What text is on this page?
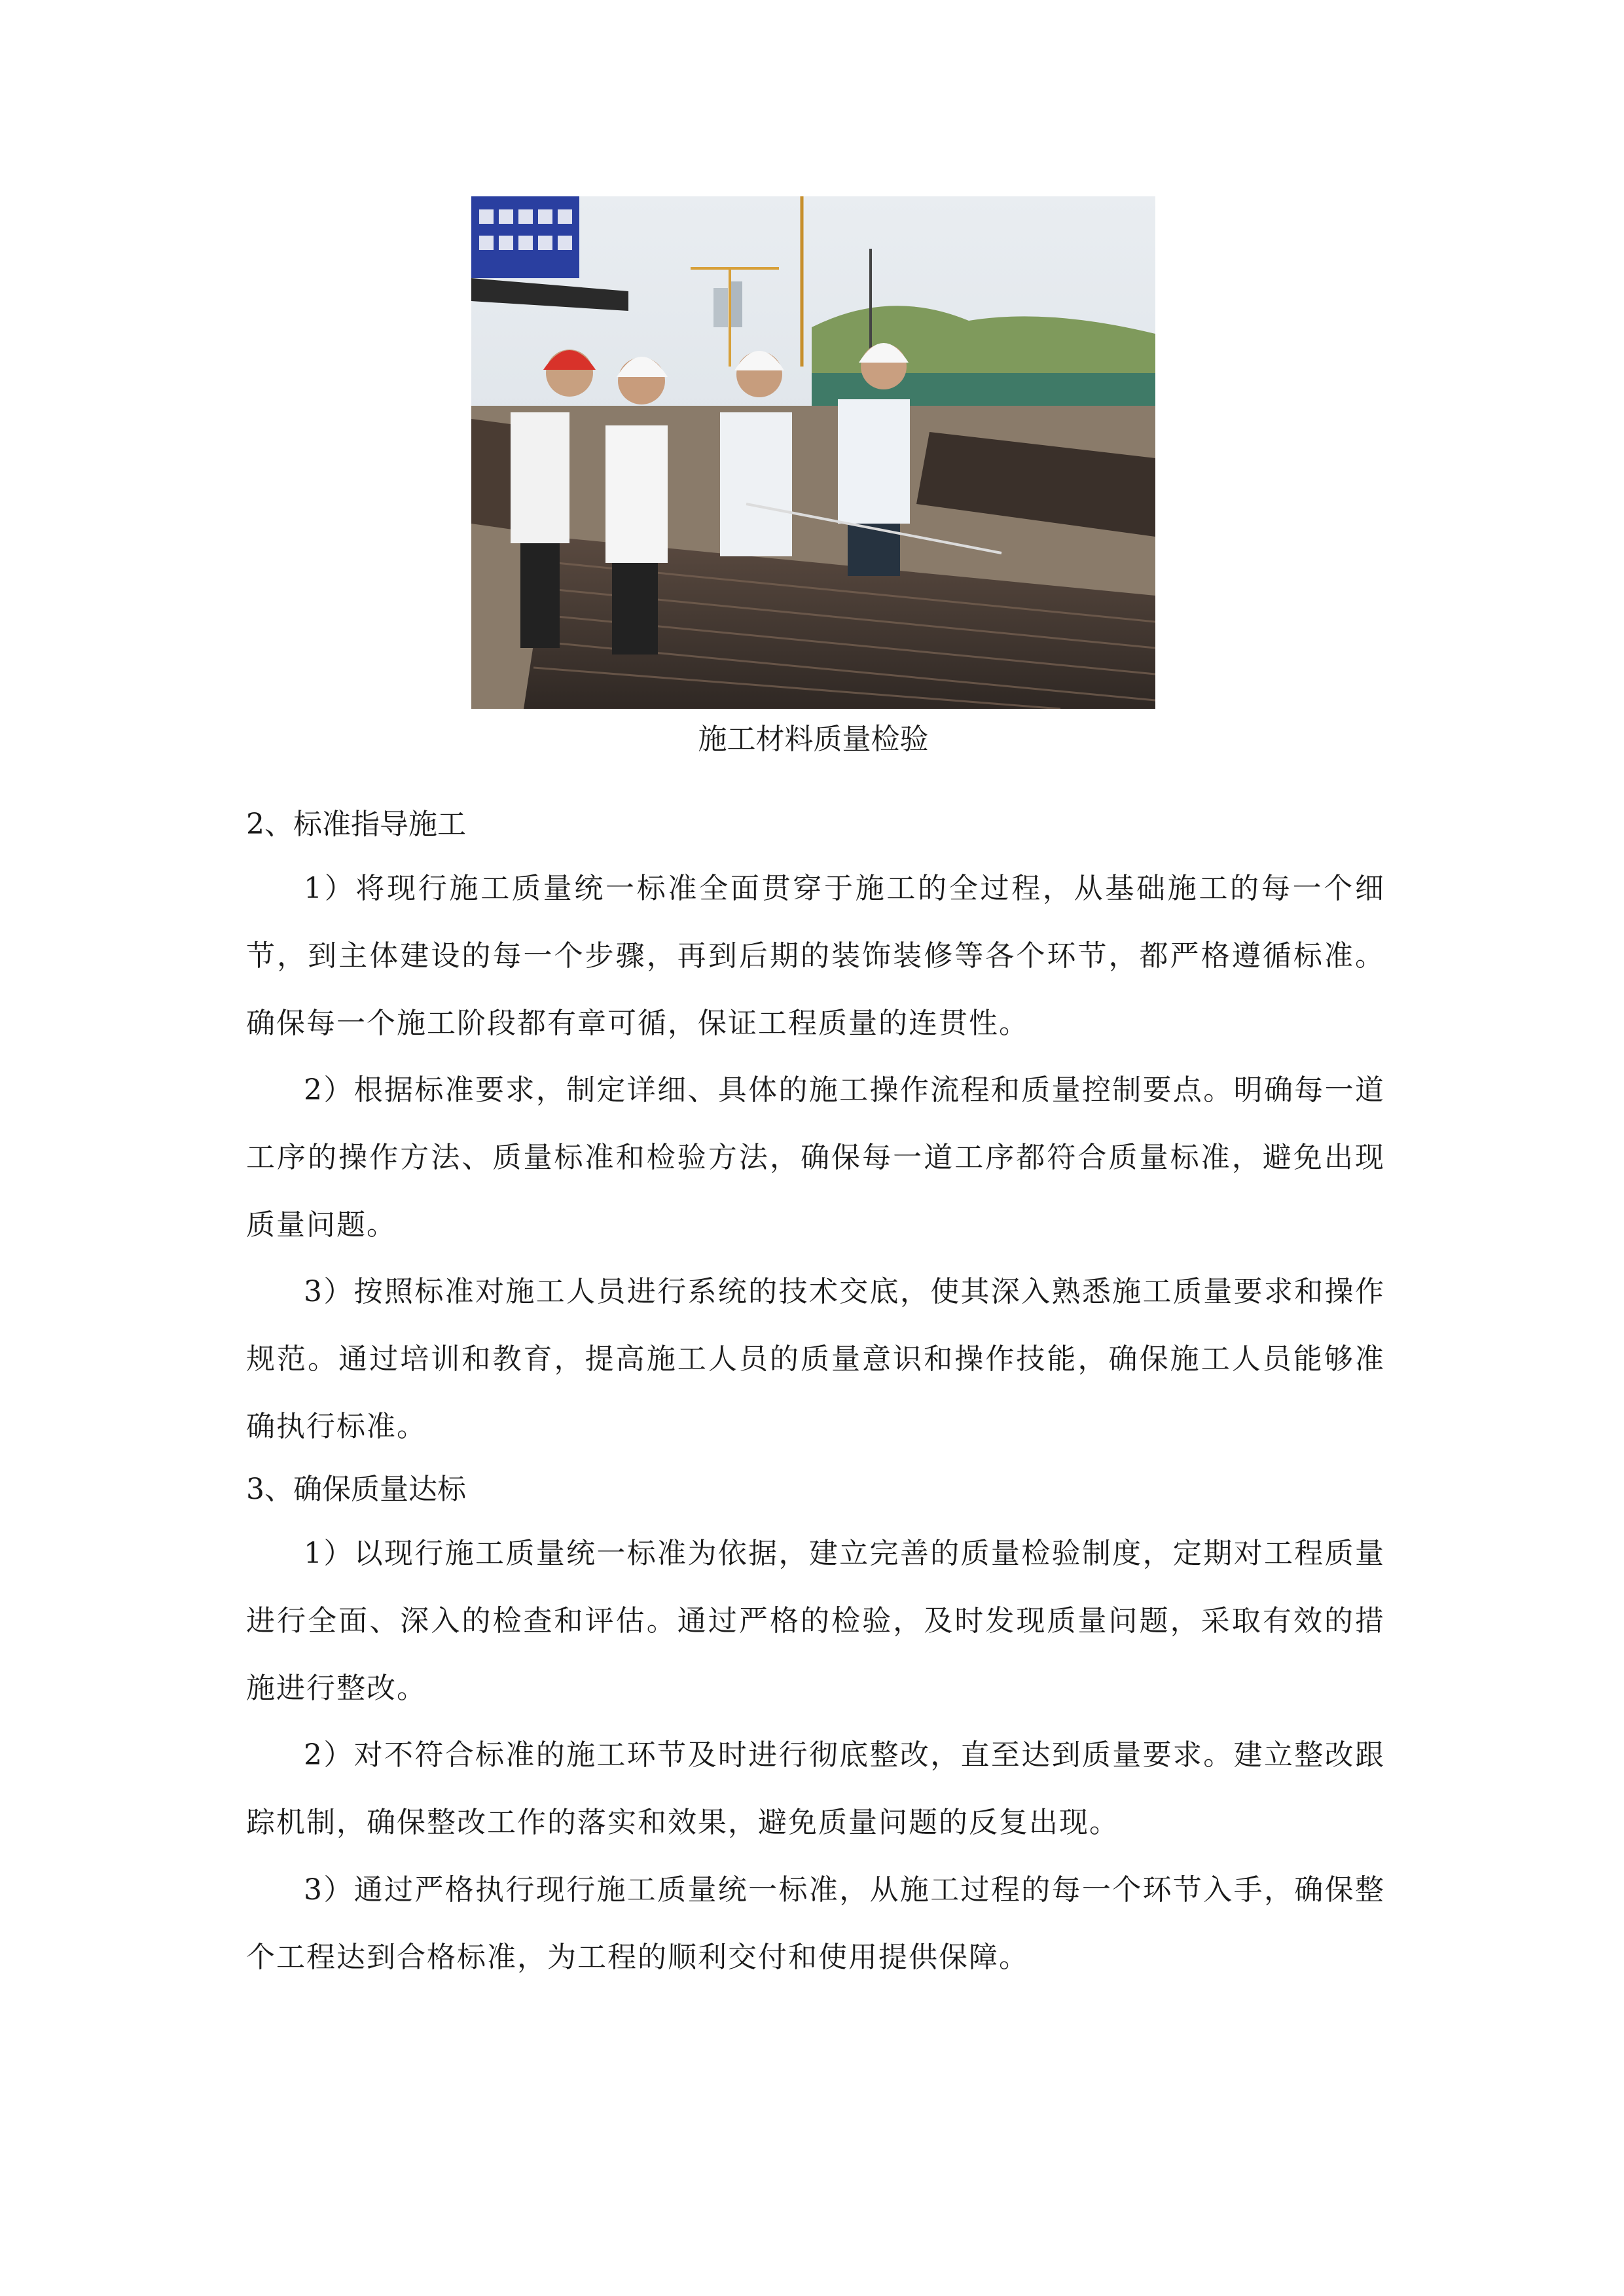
施工材料质量检验
2、标准指导施工
1）将现行施工质量统一标准全面贯穿于施工的全过程，从基础施工的每一个细节，到主体建设的每一个步骤，再到后期的装饰装修等各个环节，都严格遵循标准。确保每一个施工阶段都有章可循，保证工程质量的连贯性。
2）根据标准要求，制定详细、具体的施工操作流程和质量控制要点。明确每一道工序的操作方法、质量标准和检验方法，确保每一道工序都符合质量标准，避免出现质量问题。
3）按照标准对施工人员进行系统的技术交底，使其深入熟悉施工质量要求和操作规范。通过培训和教育，提高施工人员的质量意识和操作技能，确保施工人员能够准确执行标准。
3、确保质量达标
1）以现行施工质量统一标准为依据，建立完善的质量检验制度，定期对工程质量进行全面、深入的检查和评估。通过严格的检验，及时发现质量问题，采取有效的措施进行整改。
2）对不符合标准的施工环节及时进行彻底整改，直至达到质量要求。建立整改跟踪机制，确保整改工作的落实和效果，避免质量问题的反复出现。
3）通过严格执行现行施工质量统一标准，从施工过程的每一个环节入手，确保整个工程达到合格标准，为工程的顺利交付和使用提供保障。
